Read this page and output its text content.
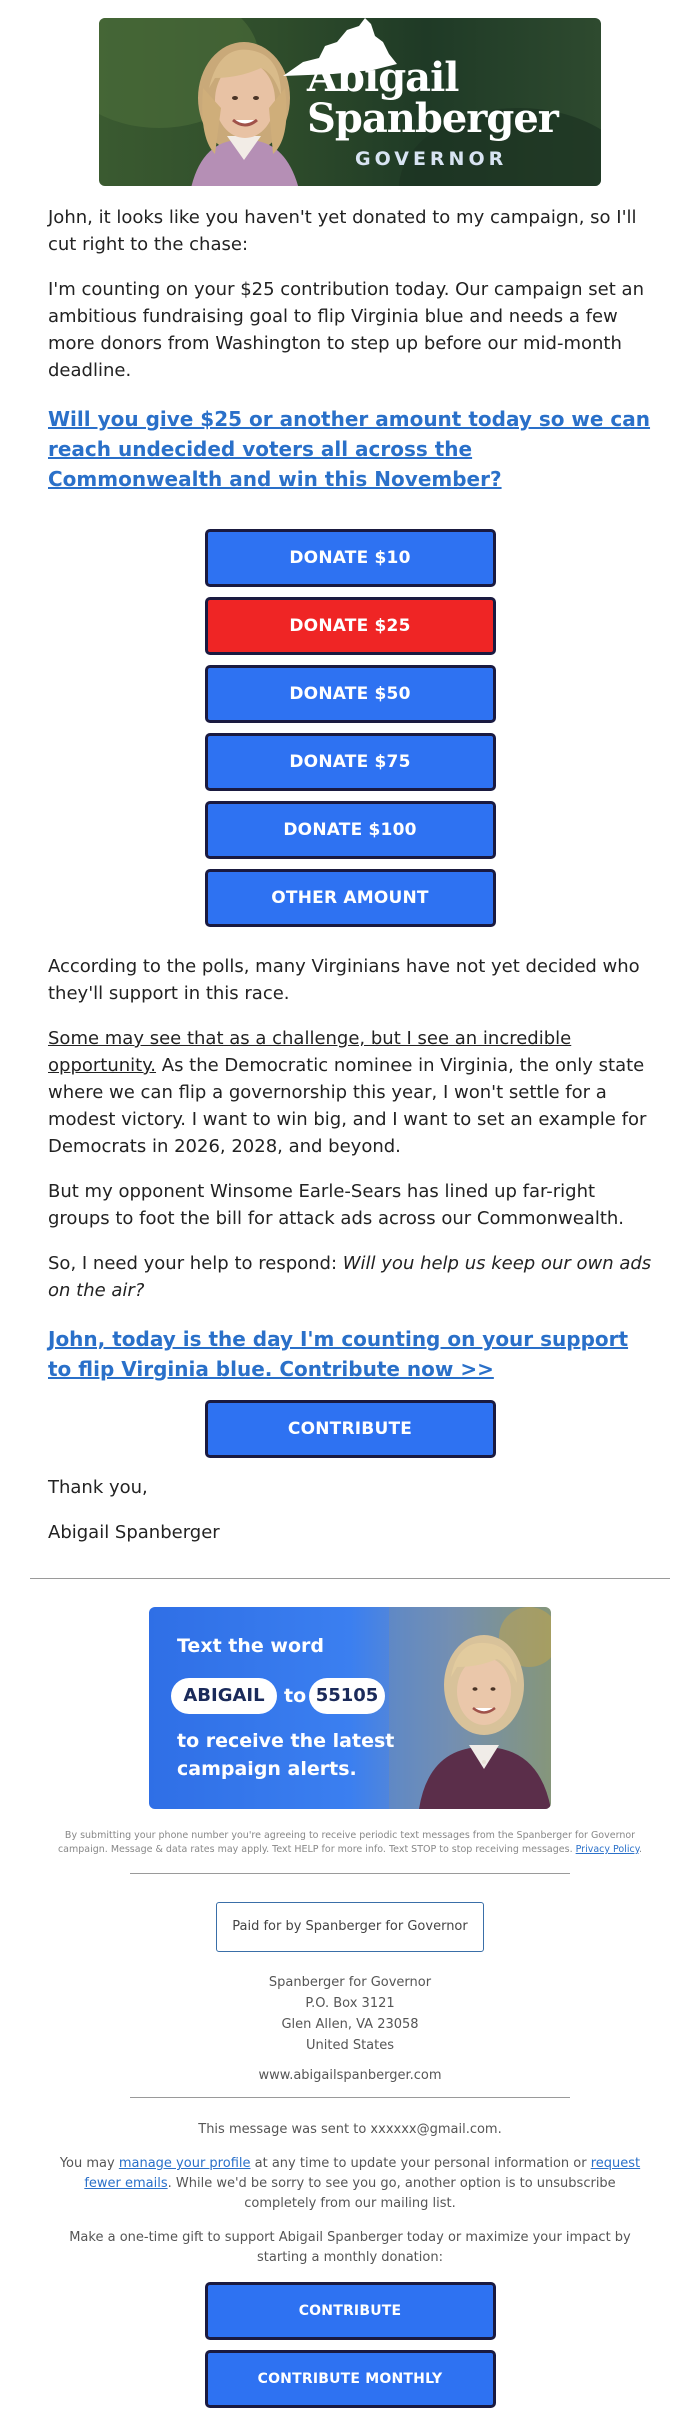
Abigail
Spanberger
GOVERNOR

John, it looks like you haven't yet donated to my campaign, so I'll cut right to the chase:

I'm counting on your $25 contribution today. Our campaign set an ambitious fundraising goal to flip Virginia blue and needs a few more donors from Washington to step up before our mid-month deadline.

Will you give $25 or another amount today so we can reach undecided voters all across the Commonwealth and win this November?
DONATE $10
DONATE $25
DONATE $50
DONATE $75
DONATE $100
OTHER AMOUNT

According to the polls, many Virginians have not yet decided who they'll support in this race.

Some may see that as a challenge, but I see an incredible opportunity. As the Democratic nominee in Virginia, the only state where we can flip a governorship this year, I won't settle for a modest victory. I want to win big, and I want to set an example for Democrats in 2026, 2028, and beyond.

But my opponent Winsome Earle-Sears has lined up far-right groups to foot the bill for attack ads across our Commonwealth.

So, I need your help to respond: Will you help us keep our own ads on the air?

John, today is the day I'm counting on your support to flip Virginia blue. Contribute now >>
CONTRIBUTE

Thank you,

Abigail Spanberger

Text the word
ABIGAIL	to 55105
to receive the latest campaign alerts.

By submitting your phone number you're agreeing to receive periodic text messages from the Spanberger for Governor campaign. Message & data rates may apply. Text HELP for more info. Text STOP to stop receiving messages. Privacy Policy.

Paid for by Spanberger for Governor
Spanberger for Governor
P.O. Box 3121
Glen Allen, VA 23058
United States
www.abigailspanberger.com

This message was sent to xxxxxx@gmail.com.

You may manage your profile at any time to update your personal information or request fewer emails. While we'd be sorry to see you go, another option is to unsubscribe completely from our mailing list.

Make a one-time gift to support Abigail Spanberger today or maximize your impact by starting a monthly donation:

CONTRIBUTE
CONTRIBUTE MONTHLY
